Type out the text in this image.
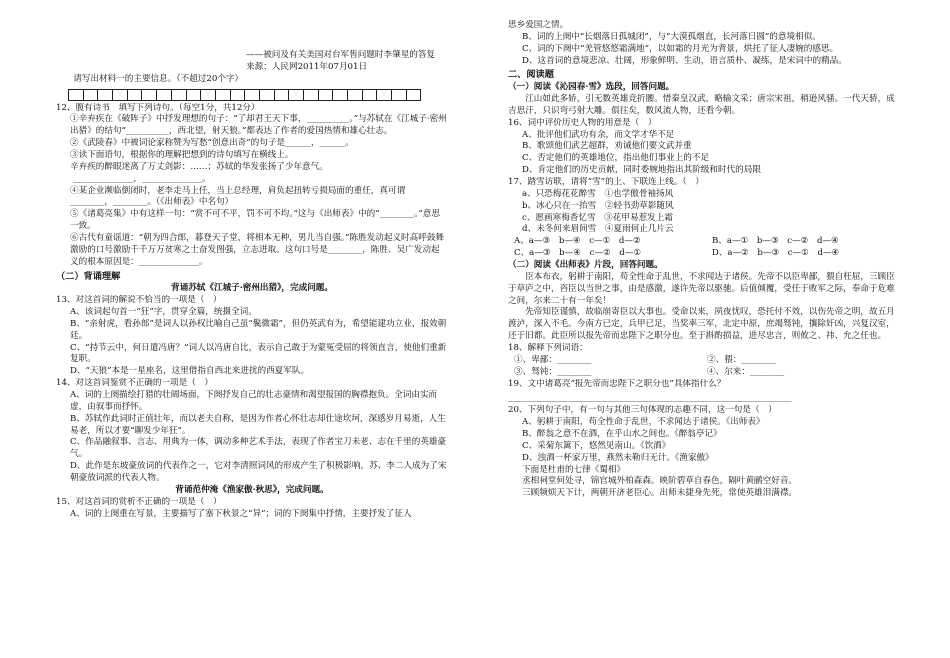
——被问及有关美国对台军售问题时李肇星的答复

来源：人民网2011年07月01日

请写出材料一的主要信息。（不超过20个字）

12、腹有诗书　填写下列诗句。（每空1分，共12分）

①辛弃疾在《破阵子》中抒发理想的句子：“了却君王天下事，__________。”与苏轼在《江城子·密州出猎》的结句“__________，西北望，射天狼。”都表达了作者的爱国热情和雄心壮志。

②《武陵春》中被词论家称赞为写愁“创意出奇”的句子是______，______。

③读下面语句，根据你的理解把想到的诗句填写在横线上。

辛弃疾的醉眼迷离了万丈剑影：……；苏轼的华发张扬了少年意气。

　　______________，______________。

④某企业濒临倒闭时，老李走马上任，当上总经理，肩负起扭转亏损局面的重任，真可谓________，________。（《出师表》中名句）

⑤《诸葛亮集》中有这样一句：“赏不可不平，罚不可不均。”这与《出师表》中的“________。”意思一致。

⑥古代有童谣道：“朝为四合郎，暮登天子堂，将相本无种，男儿当自强。”陈胜发动起义时高呼鼓舞激励的口号激励千千万万贫寒之士奋发图强，立志进取。这句口号是________，陈胜、吴广发动起义的根本原因是：______________。

（二）背诵理解

背诵苏轼《江城子·密州出猎》，完成问题。

13、对这首词的解说不恰当的一项是（　）

A、该词起句首一“狂”字，贯穿全篇，统摄全词。

B、“亲射虎，看孙郎”是词人以孙权比喻自己虽“鬓微霜”，但仍英武有为，希望能建功立业，报效朝廷。

C、“持节云中，何日遣冯唐？”词人以冯唐自比，表示自己敢于为蒙冤受屈的将领直言，使他们重新复职。

D、“天狼”本是一星座名，这里借指自西北来进扰的西夏军队。

14、对这首词鉴赏不正确的一项是（　）

A、词的上阕描绘打猎的壮阔场面，下阕抒发自己的壮志豪情和渴望报国的胸襟抱负。全词由实而虚，由叙事而抒怀。

B、苏轼作此词时正值壮年，而以老夫自称，是因为作者心怀壮志却仕途坎坷，深感岁月易逝，人生易老，所以才要“聊发少年狂”。

C、作品融叙事、言志、用典为一体，调动多种艺术手法，表现了作者宝刀未老、志在千里的英雄豪气。

D、此作是东坡豪放词的代表作之一，它对李清照词风的形成产生了积极影响，苏、李二人成为了宋朝豪放词派的代表人物。

背诵范仲淹《渔家傲·秋思》，完成问题。

15、对这首词的赏析不正确的一项是（　）

A、词的上阕重在写景，主要描写了塞下秋景之“异”；词的下阕集中抒情，主要抒发了征人

思乡爱国之情。

B、词的上阕中“长烟落日孤城闭”，与“大漠孤烟直，长河落日圆”的意境相似。

C、词的下阕中“羌管悠悠霜满地”，以如霜的月光为背景，烘托了征人凄婉的感思。

D、这首词的意境悲凉、壮阔，形象鲜明、生动，语言质朴、凝练，是宋词中的精品。

二、阅读题

（一）阅读《沁园春·雪》选段，回答问题。

江山如此多娇，引无数英雄竞折腰。惜秦皇汉武，略输文采；唐宗宋祖，稍逊风骚。一代天骄，成吉思汗，只识弯弓射大雕。俱往矣，数风流人物，还看今朝。

16、词中评价历史人物的用意是（　）

A、批评他们武功有余，而文学才华不足

B、歌颂他们武艺超群，劝诫他们要文武并重

C、否定他们的英雄地位，指出他们事业上的不足

D、肯定他们的历史贡献，同时委婉地指出其阶级和时代的局限

17、踏雪访联，请将“雪”的上、下联连上线。（　）

a、只恐梅花花醉雪　①也学傲骨袖扬风

b、冰心只在一抬雪　②轻书劲草影随风

c、愿画寒梅香忆雪　③花甲易惹发上霜

d、未冬何来眉间雪　④夏雨何止几片云

A、a—③　b—④　c—①　d—②	B、a—①　b—③　c—②　d—④
C、a—③　b—④　c—②　d—①	D、a—②　b—③　c—①　d—④

（二）阅读《出师表》片段，回答问题。

臣本布衣，躬耕于南阳，苟全性命于乱世，不求闻达于诸侯。先帝不以臣卑鄙，猥自枉屈，三顾臣于草庐之中，咨臣以当世之事，由是感激，遂许先帝以驱驰。后值倾覆，受任于败军之际，奉命于危难之间，尔来二十有一年矣！

先帝知臣谨慎，故临崩寄臣以大事也。受命以来，夙夜忧叹，恐托付不效，以伤先帝之明，故五月渡泸，深入不毛。今南方已定，兵甲已足，当奖率三军，北定中原，庶竭驽钝，攘除奸凶，兴复汉室，还于旧都。此臣所以报先帝而忠陛下之职分也。至于斟酌损益，进尽忠言，则攸之、祎、允之任也。

18、解释下列词语：

①、卑鄙：________	②、猥：________
③、驽钝：________	④、尔来：________

19、文中诸葛亮“报先帝而忠陛下之职分也”具体指什么？

__________________________________________________________________

20、下列句子中，有一句与其他三句体现的志趣不同，这一句是（　）

A、躬耕于南阳，苟全性命于乱世，不求闻达于诸侯。《出师表》

B、醉翁之意不在酒，在乎山水之间也。《醉翁亭记》

C、采菊东篱下，悠然见南山。《饮酒》

D、浊酒一杯家万里，燕然未勒归无计。《渔家傲》

下面是杜甫的七律《蜀相》

丞相祠堂何处寻，锦官城外柏森森。映阶碧草自春色，隔叶黄鹂空好音。

三顾频烦天下计，两朝开济老臣心。出师未捷身先死，常使英雄泪满襟。
